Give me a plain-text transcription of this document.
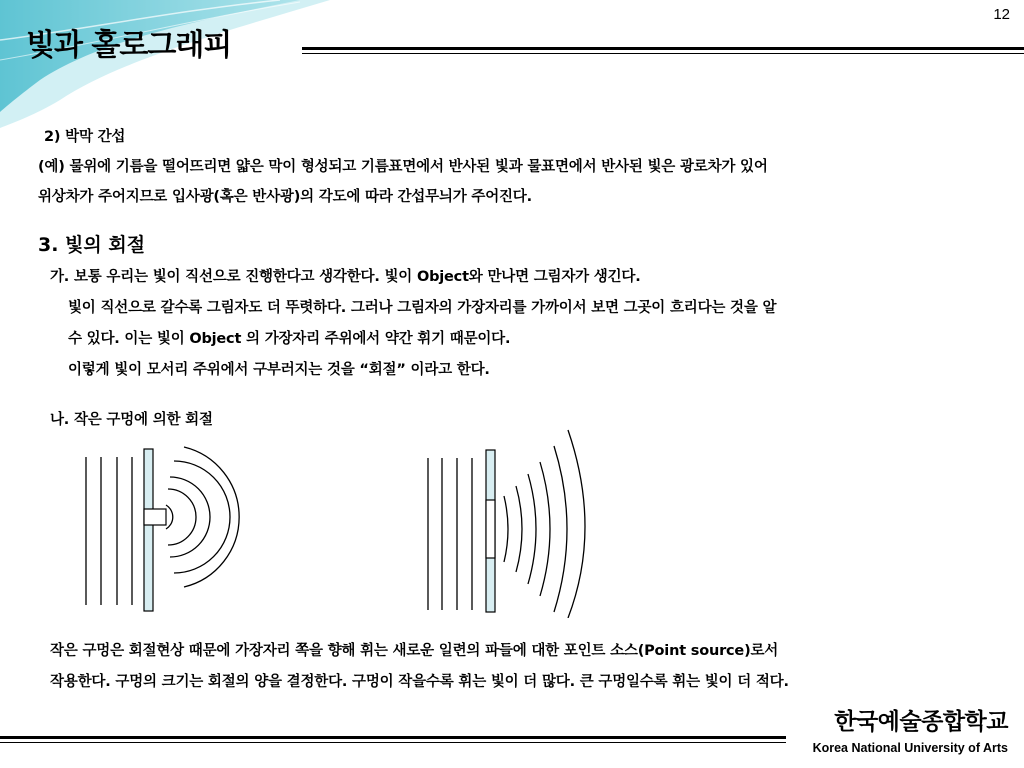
12
빛과 홀로그래피
2) 박막 간섭
(예) 물위에 기름을 떨어뜨리면 얇은 막이 형성되고 기름표면에서 반사된 빛과 물표면에서 반사된 빛은 광로차가 있어
위상차가 주어지므로 입사광(혹은 반사광)의 각도에 따라 간섭무늬가 주어진다.
3. 빛의 회절
가. 보통 우리는 빛이 직선으로 진행한다고 생각한다. 빛이 Object와 만나면 그림자가 생긴다.
빛이 직선으로 갈수록 그림자도 더 뚜렷하다. 그러나 그림자의 가장자리를 가까이서 보면 그곳이 흐리다는 것을 알
수 있다. 이는 빛이 Object 의 가장자리 주위에서 약간 휘기 때문이다.
이렇게 빛이 모서리 주위에서 구부러지는 것을 “회절” 이라고 한다.
나. 작은 구멍에 의한 회절
작은 구멍은 회절현상 때문에 가장자리 쪽을 향해 휘는 새로운 일련의 파들에 대한 포인트 소스(Point source)로서
작용한다. 구멍의 크기는 회절의 양을 결정한다. 구멍이 작을수록 휘는 빛이 더 많다. 큰 구멍일수록 휘는 빛이 더 적다.
한국예술종합학교
Korea National University of Arts
